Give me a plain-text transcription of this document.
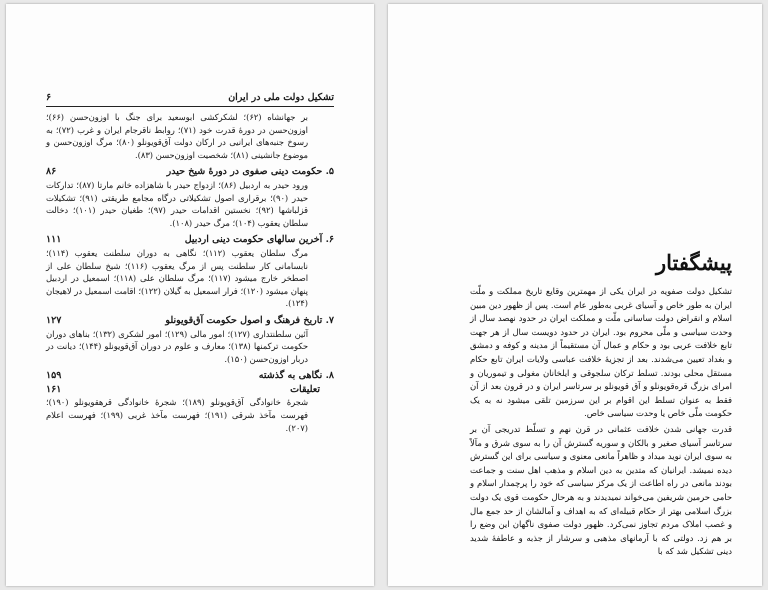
تشکیل دولت ملی در ایران
۶
بر جهانشاه (۶۲)؛ لشکرکشی ابوسعید برای جنگ با اوزون‌حسن (۶۶)؛ اوزون‌حسن در دورهٔ قدرت خود (۷۱)؛ روابط ناقرجام ایران و غرب (۷۲)؛ به رسوخ جنبه‌های ایرانیی در ارکان دولت آق‌قویونلو (۸۰)؛ مرگ اوزون‌حسن و موضوع جانشینی (۸۱)؛ شخصیت اوزون‌حسن (۸۳).
۵. حکومت دینی صفوی در دورهٔ شیخ حیدر
۸۶
ورود حیدر به اردبیل (۸۶)؛ ازدواج حیدر با شاهزاده خانم مارتا (۸۷)؛ تدارکات حیدر (۹۰)؛ برقراری اصول تشکیلاتی درگاه مجامع طریقتی (۹۱)؛ تشکیلات قزلباشها (۹۲)؛ نخستین اقدامات حیدر (۹۷)؛ طغیان حیدر (۱۰۱)؛ دخالت سلطان یعقوب (۱۰۴)؛ مرگ حیدر (۱۰۸).
۶. آخرین سالهای حکومت دینی اردبیل
۱۱۱
مرگ سلطان یعقوب (۱۱۲)؛ نگاهی به دوران سلطنت یعقوب (۱۱۴)؛ نابسامانی کار سلطنت پس از مرگ یعقوب (۱۱۶)؛ شیخ سلطان علی از اصطخر خارج میشود (۱۱۷)؛ مرگ سلطان علی (۱۱۸)؛ اسمعیل در اردبیل پنهان میشود (۱۲۰)؛ فرار اسمعیل به گیلان (۱۲۲)؛ اقامت اسمعیل در لاهیجان (۱۲۴).
۷. تاریخ فرهنگ و اصول حکومت آق‌قویونلو
۱۲۷
آئین سلطنتداری (۱۲۷)؛ امور مالی (۱۲۹)؛ امور لشکری (۱۳۲)؛ بناهای دوران حکومت ترکمنها (۱۳۸)؛ معارف و علوم در دوران آق‌قویونلو (۱۴۴)؛ دیانت در دربار اوزون‌حسن (۱۵۰).
۸. نگاهی به گذشته
۱۵۹
تعلیقات
۱۶۱
شجرهٔ خانوادگی آق‌قویونلو (۱۸۹)؛ شجرهٔ خانوادگی قرهقویونلو (۱۹۰)؛ فهرست مآخذ شرقی (۱۹۱)؛ فهرست مآخذ غربی (۱۹۹)؛ فهرست اعلام (۲۰۷).
پیشگفتار

تشکیل دولت صفویه در ایران یکی از مهمترین وقایع تاریخ مملکت و ملّت ایران به طور خاص و آسیای غربی به‌طور عام است. پس از ظهور دین مبین اسلام و انقراض دولت ساسانی ملّت و مملکت ایران در حدود نهصد سال از وحدت سیاسی و ملّی محروم بود. ایران در حدود دویست سال از هر جهت تابع خلافت عربی بود و حکام و عمال آن مستقیماً از مدینه و کوفه و دمشق و بغداد تعیین می‌شدند. بعد از تجزیهٔ خلافت عباسی ولایات ایران تابع حکام مستقل محلی بودند. تسلط ترکان سلجوقی و ایلخانان مغولی و تیموریان و امرای بزرگ قره‌قویونلو و آق قویونلو بر سرتاسر ایران و در قرون بعد از آن فقط به عنوان تسلط این اقوام بر این سرزمین تلقی میشود نه به یک حکومت ملّی خاص یا وحدت سیاسی خاص.

قدرت جهانی شدن خلافت عثمانی در قرن نهم و تسلّط تدریجی آن بر سرتاسر آسیای صغیر و بالکان و سوریه گسترش آن را به سوی شرق و مآلاً به سوی ایران نوید میداد و ظاهراً مانعی معنوی و سیاسی برای این گسترش دیده نمیشد. ایرانیان که متدین به دین اسلام و مذهب اهل سنت و جماعت بودند مانعی در راه اطاعت از یک مرکز سیاسی که خود را پرچمدار اسلام و حامی حرمین شریفین می‌خواند نمیدیدند و به هرحال حکومت قوی یک دولت بزرگ اسلامی بهتر از حکام قبیله‌ای که به اهداف و آمالشان از حد جمع مال و غصب املاک مردم تجاوز نمی‌کرد. ظهور دولت صفوی ناگهان این وضع را بر هم زد. دولتی که با آرمانهای مذهبی و سرشار از جذبه و عاطفهٔ شدید دینی تشکیل شد که با
